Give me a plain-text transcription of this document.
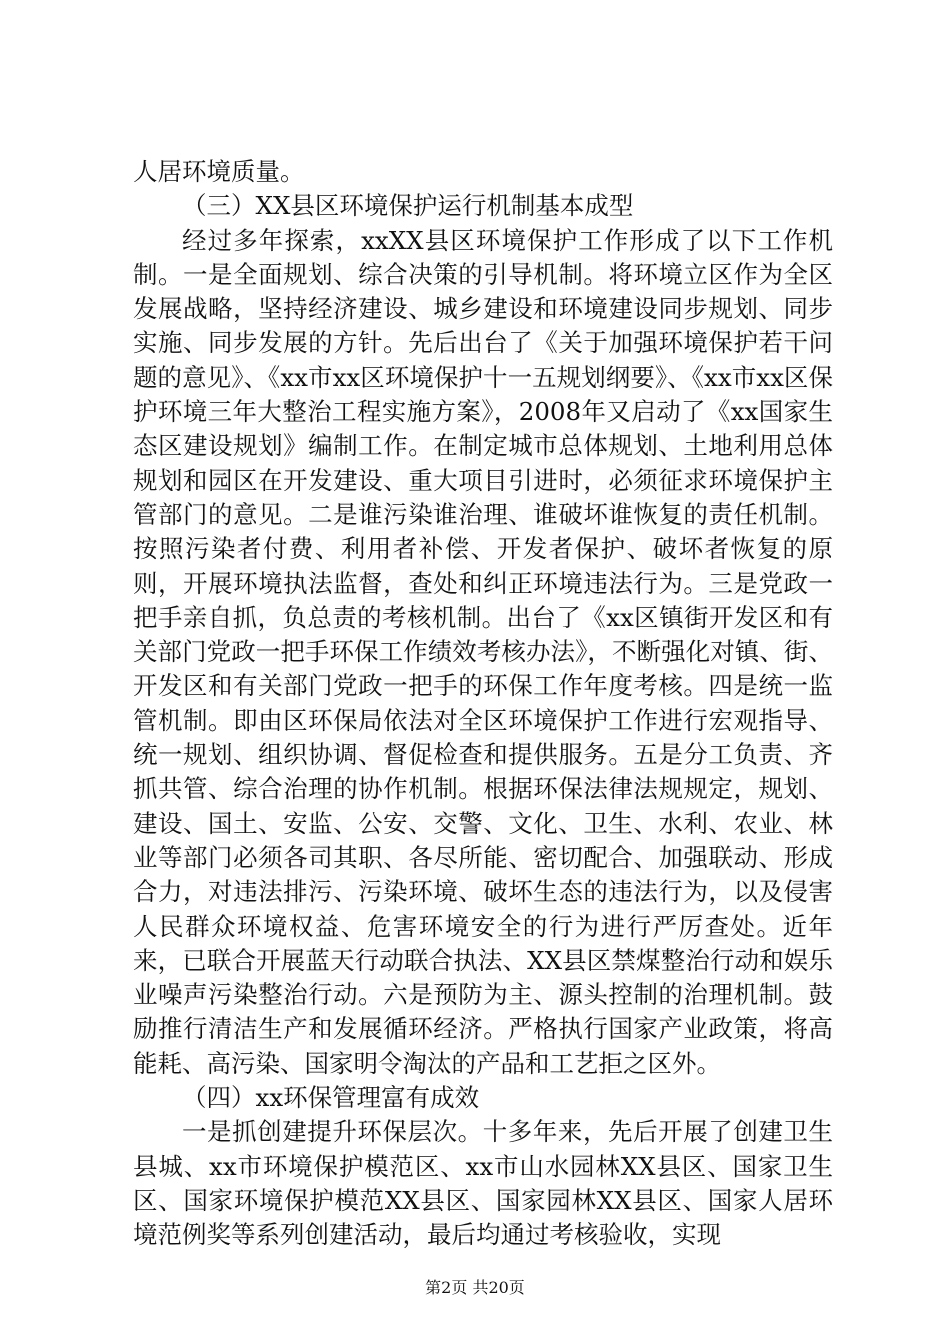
人居环境质量。

（三）XX县区环境保护运行机制基本成型

经过多年探索，xxXX县区环境保护工作形成了以下工作机制。一是全面规划、综合决策的引导机制。将环境立区作为全区发展战略，坚持经济建设、城乡建设和环境建设同步规划、同步实施、同步发展的方针。先后出台了《关于加强环境保护若干问题的意见》、《xx市xx区环境保护十一五规划纲要》、《xx市xx区保护环境三年大整治工程实施方案》，2008年又启动了《xx国家生态区建设规划》编制工作。在制定城市总体规划、土地利用总体规划和园区在开发建设、重大项目引进时，必须征求环境保护主管部门的意见。二是谁污染谁治理、谁破坏谁恢复的责任机制。按照污染者付费、利用者补偿、开发者保护、破坏者恢复的原则，开展环境执法监督，查处和纠正环境违法行为。三是党政一把手亲自抓，负总责的考核机制。出台了《xx区镇街开发区和有关部门党政一把手环保工作绩效考核办法》，不断强化对镇、街、开发区和有关部门党政一把手的环保工作年度考核。四是统一监管机制。即由区环保局依法对全区环境保护工作进行宏观指导、统一规划、组织协调、督促检查和提供服务。五是分工负责、齐抓共管、综合治理的协作机制。根据环保法律法规规定，规划、建设、国土、安监、公安、交警、文化、卫生、水利、农业、林业等部门必须各司其职、各尽所能、密切配合、加强联动、形成合力，对违法排污、污染环境、破坏生态的违法行为，以及侵害人民群众环境权益、危害环境安全的行为进行严厉查处。近年来，已联合开展蓝天行动联合执法、XX县区禁煤整治行动和娱乐业噪声污染整治行动。六是预防为主、源头控制的治理机制。鼓励推行清洁生产和发展循环经济。严格执行国家产业政策，将高能耗、高污染、国家明令淘汰的产品和工艺拒之区外。

（四）xx环保管理富有成效

一是抓创建提升环保层次。十多年来，先后开展了创建卫生县城、xx市环境保护模范区、xx市山水园林XX县区、国家卫生区、国家环境保护模范XX县区、国家园林XX县区、国家人居环境范例奖等系列创建活动，最后均通过考核验收，实现

第2页 共20页
